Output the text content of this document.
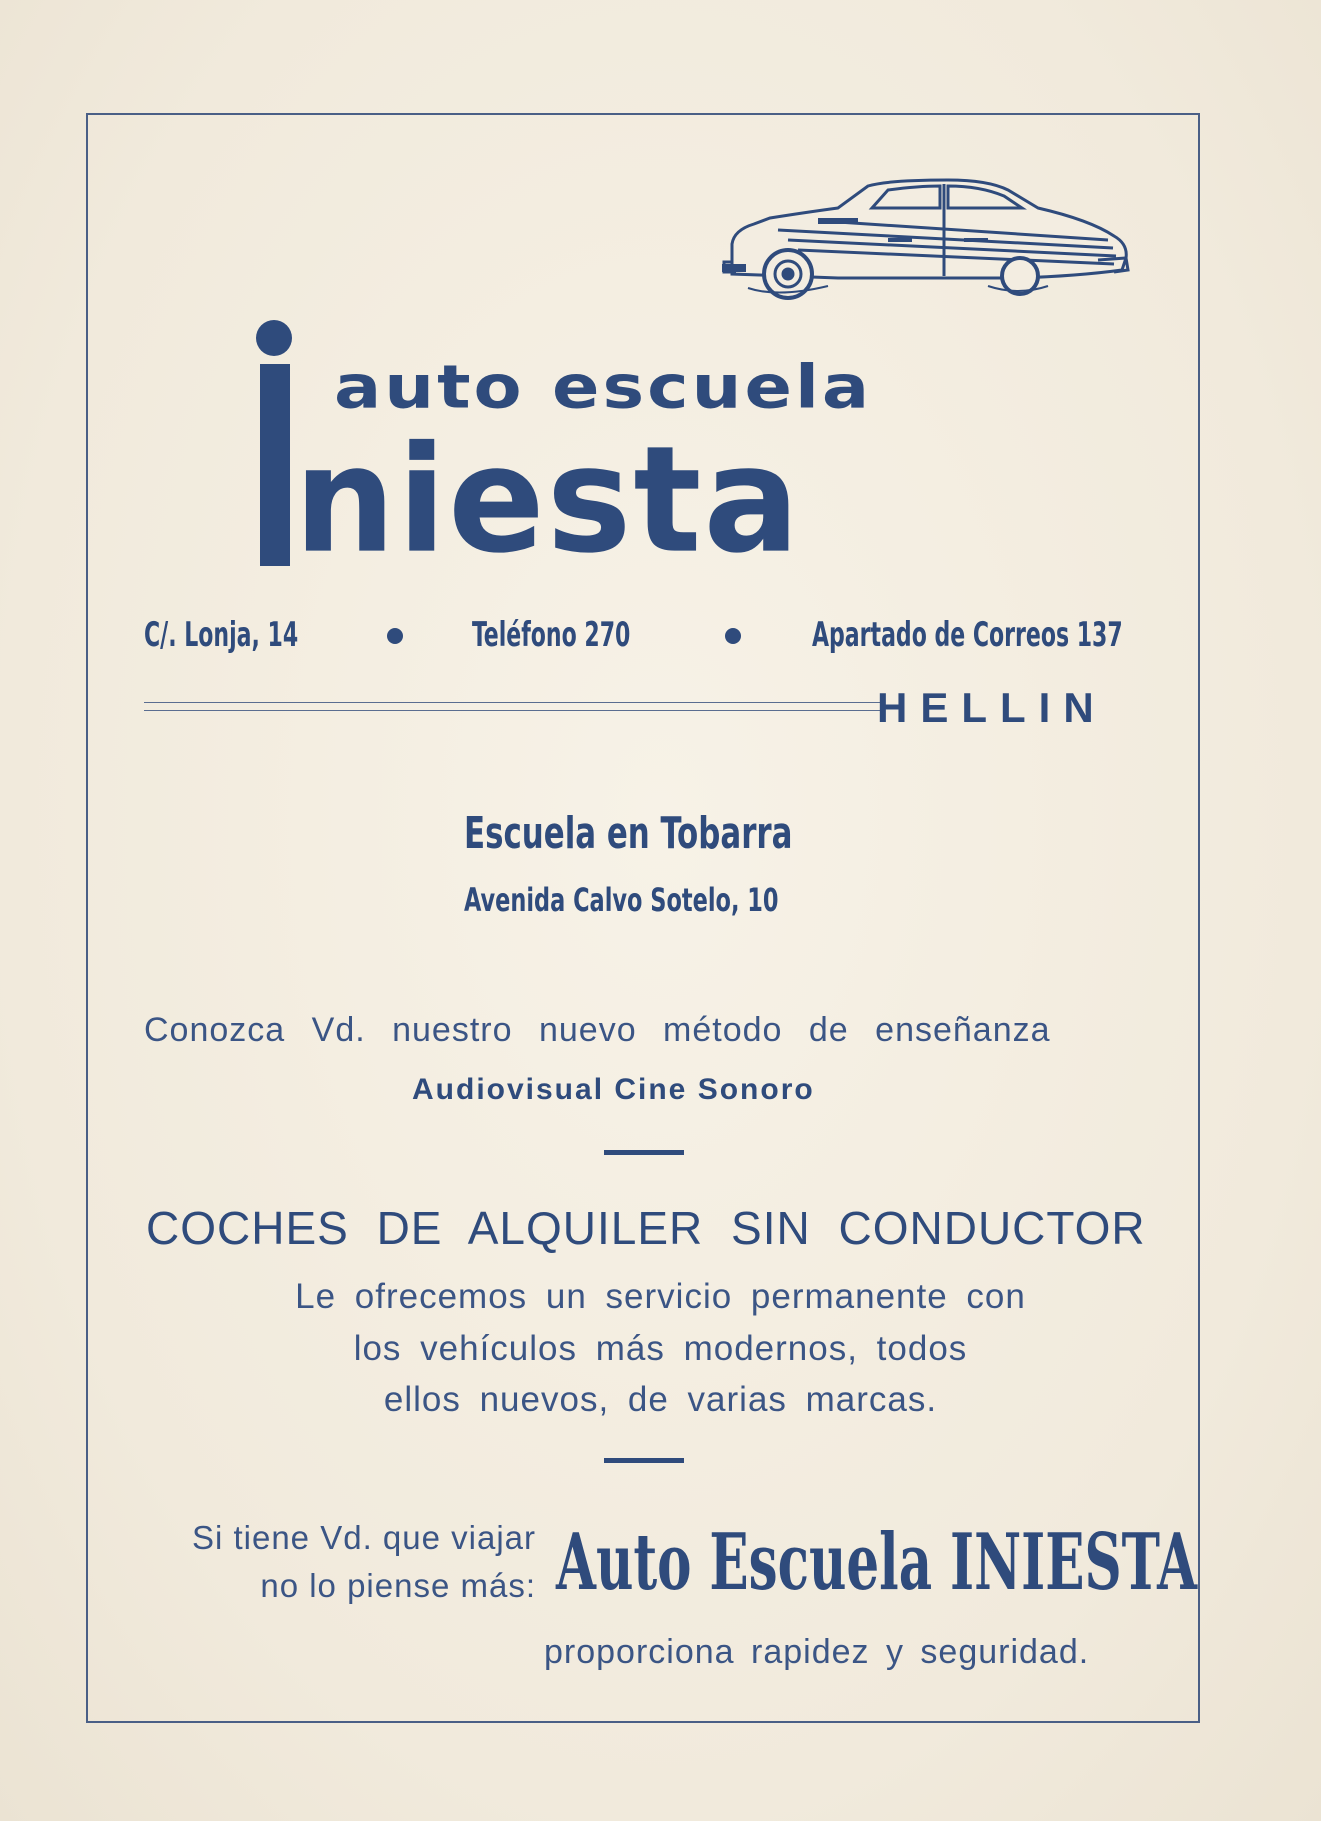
auto escuela
niesta
C/. Lonja, 14	Teléfono 270	Apartado de Correos 137
HELLIN
Escuela en Tobarra
Avenida Calvo Sotelo, 10
Conozca Vd. nuestro nuevo método de enseñanza
Audiovisual Cine Sonoro
COCHES DE ALQUILER SIN CONDUCTOR
Le ofrecemos un servicio permanente con
los vehículos más modernos, todos
ellos nuevos, de varias marcas.
Si tiene Vd. que viajar
no lo piense más: Auto Escuela INIESTA
proporciona rapidez y seguridad.
